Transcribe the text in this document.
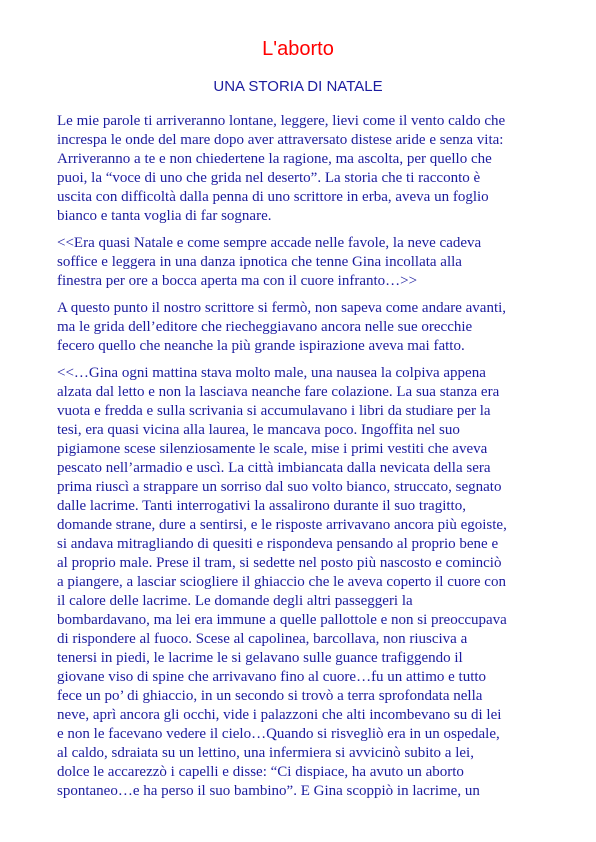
L'aborto
UNA STORIA DI NATALE

Le mie parole ti arriveranno lontane, leggere, lievi come il vento caldo che
increspa le onde del mare dopo aver attraversato distese aride e senza vita:
Arriveranno a te e non chiedertene la ragione, ma ascolta, per quello che
puoi, la “voce di uno che grida nel deserto”. La storia che ti racconto è
uscita con difficoltà dalla penna di uno scrittore in erba, aveva un foglio
bianco e tanta voglia di far sognare.

<<Era quasi Natale e come sempre accade nelle favole, la neve cadeva
soffice e leggera in una danza ipnotica che tenne Gina incollata alla
finestra per ore a bocca aperta ma con il cuore infranto…>>

A questo punto il nostro scrittore si fermò, non sapeva come andare avanti,
ma le grida dell’editore che riecheggiavano ancora nelle sue orecchie
fecero quello che neanche la più grande ispirazione aveva mai fatto.

<<…Gina ogni mattina stava molto male, una nausea la colpiva appena
alzata dal letto e non la lasciava neanche fare colazione. La sua stanza era
vuota e fredda e sulla scrivania si accumulavano i libri da studiare per la
tesi, era quasi vicina alla laurea, le mancava poco. Ingoffita nel suo
pigiamone scese silenziosamente le scale, mise i primi vestiti che aveva
pescato nell’armadio e uscì. La città imbiancata dalla nevicata della sera
prima riuscì a strappare un sorriso dal suo volto bianco, struccato, segnato
dalle lacrime. Tanti interrogativi la assalirono durante il suo tragitto,
domande strane, dure a sentirsi, e le risposte arrivavano ancora più egoiste,
si andava mitragliando di quesiti e rispondeva pensando al proprio bene e
al proprio male. Prese il tram, si sedette nel posto più nascosto e cominciò
a piangere, a lasciar sciogliere il ghiaccio che le aveva coperto il cuore con
il calore delle lacrime. Le domande degli altri passeggeri la
bombardavano, ma lei era immune a quelle pallottole e non si preoccupava
di rispondere al fuoco. Scese al capolinea, barcollava, non riusciva a
tenersi in piedi, le lacrime le si gelavano sulle guance trafiggendo il
giovane viso di spine che arrivavano fino al cuore…fu un attimo e tutto
fece un po’ di ghiaccio, in un secondo si trovò a terra sprofondata nella
neve, aprì ancora gli occhi, vide i palazzoni che alti incombevano su di lei
e non le facevano vedere il cielo…Quando si risvegliò era in un ospedale,
al caldo, sdraiata su un lettino, una infermiera si avvicinò subito a lei,
dolce le accarezzò i capelli e disse: “Ci dispiace, ha avuto un aborto
spontaneo…e ha perso il suo bambino”. E Gina scoppiò in lacrime, un
